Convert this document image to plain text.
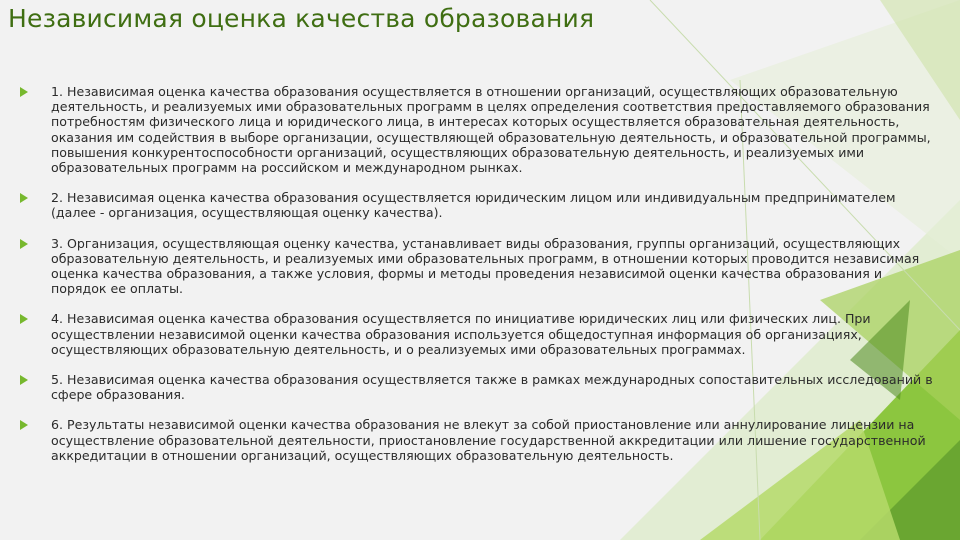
Независимая оценка качества образования
1. Независимая оценка качества образования осуществляется в отношении организаций, осуществляющих образовательную деятельность, и реализуемых ими образовательных программ в целях определения соответствия предоставляемого образования потребностям физического лица и юридического лица, в интересах которых осуществляется образовательная деятельность, оказания им содействия в выборе организации, осуществляющей образовательную деятельность, и образовательной программы, повышения конкурентоспособности организаций, осуществляющих образовательную деятельность, и реализуемых ими образовательных программ на российском и международном рынках.
2. Независимая оценка качества образования осуществляется юридическим лицом или индивидуальным предпринимателем (далее - организация, осуществляющая оценку качества).
3. Организация, осуществляющая оценку качества, устанавливает виды образования, группы организаций, осуществляющих образовательную деятельность, и реализуемых ими образовательных программ, в отношении которых проводится независимая оценка качества образования, а также условия, формы и методы проведения независимой оценки качества образования и порядок ее оплаты.
4. Независимая оценка качества образования осуществляется по инициативе юридических лиц или физических лиц. При осуществлении независимой оценки качества образования используется общедоступная информация об организациях, осуществляющих образовательную деятельность, и о реализуемых ими образовательных программах.
5. Независимая оценка качества образования осуществляется также в рамках международных сопоставительных исследований в сфере образования.
6. Результаты независимой оценки качества образования не влекут за собой приостановление или аннулирование лицензии на осуществление образовательной деятельности, приостановление государственной аккредитации или лишение государственной аккредитации в отношении организаций, осуществляющих образовательную деятельность.
